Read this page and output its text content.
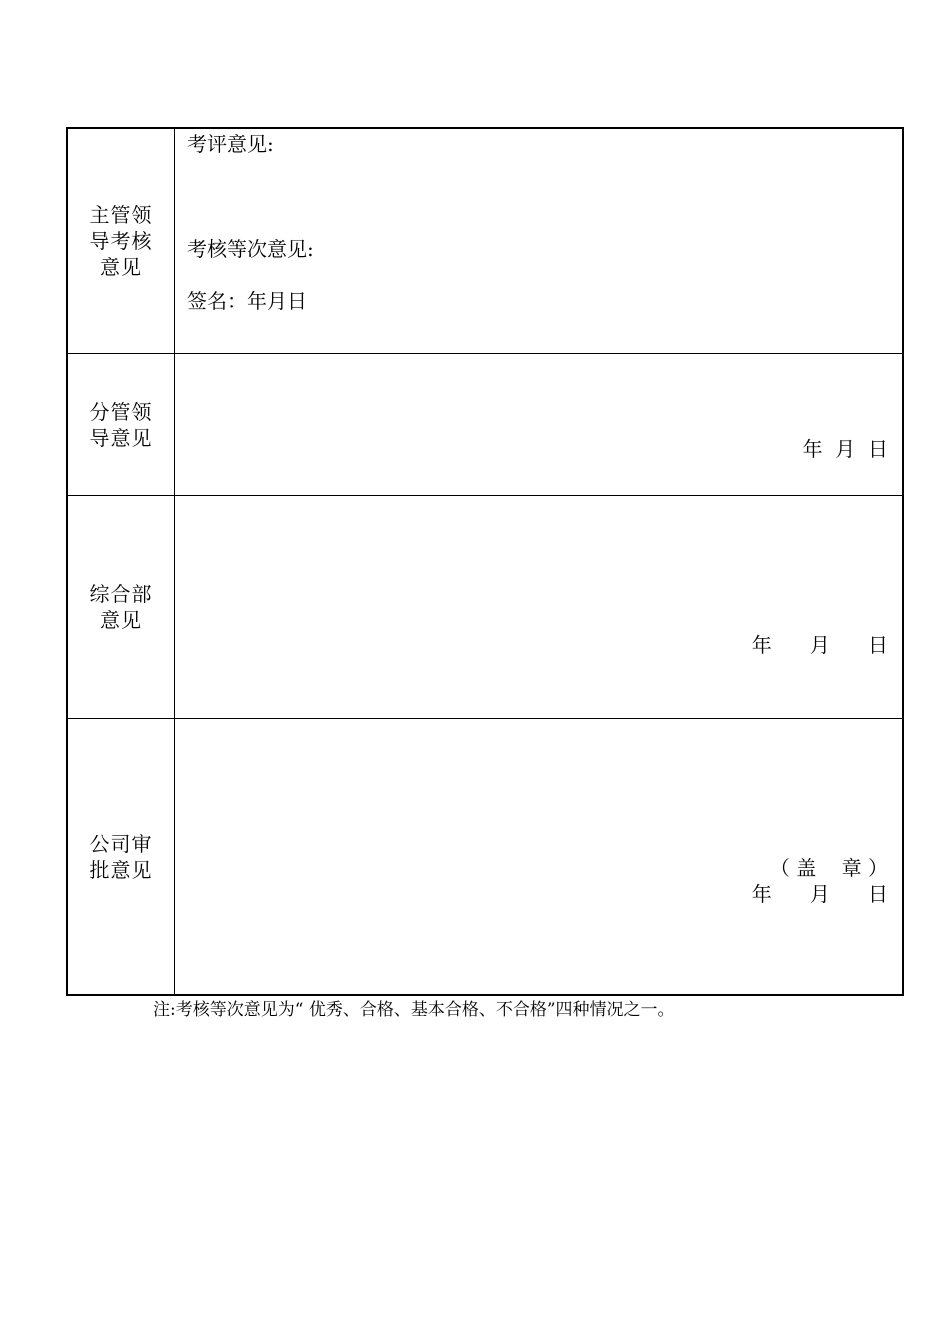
主管领导考核意见
考评意见:
考核等次意见:
签名：年月日
分管领导意见	年  月  日
综合部意见
年      月      日
公司审批意见	（ 盖    章 ）
年      月      日
注:考核等次意见为“ 优秀、合格、基本合格、不合格”四种情况之一。
